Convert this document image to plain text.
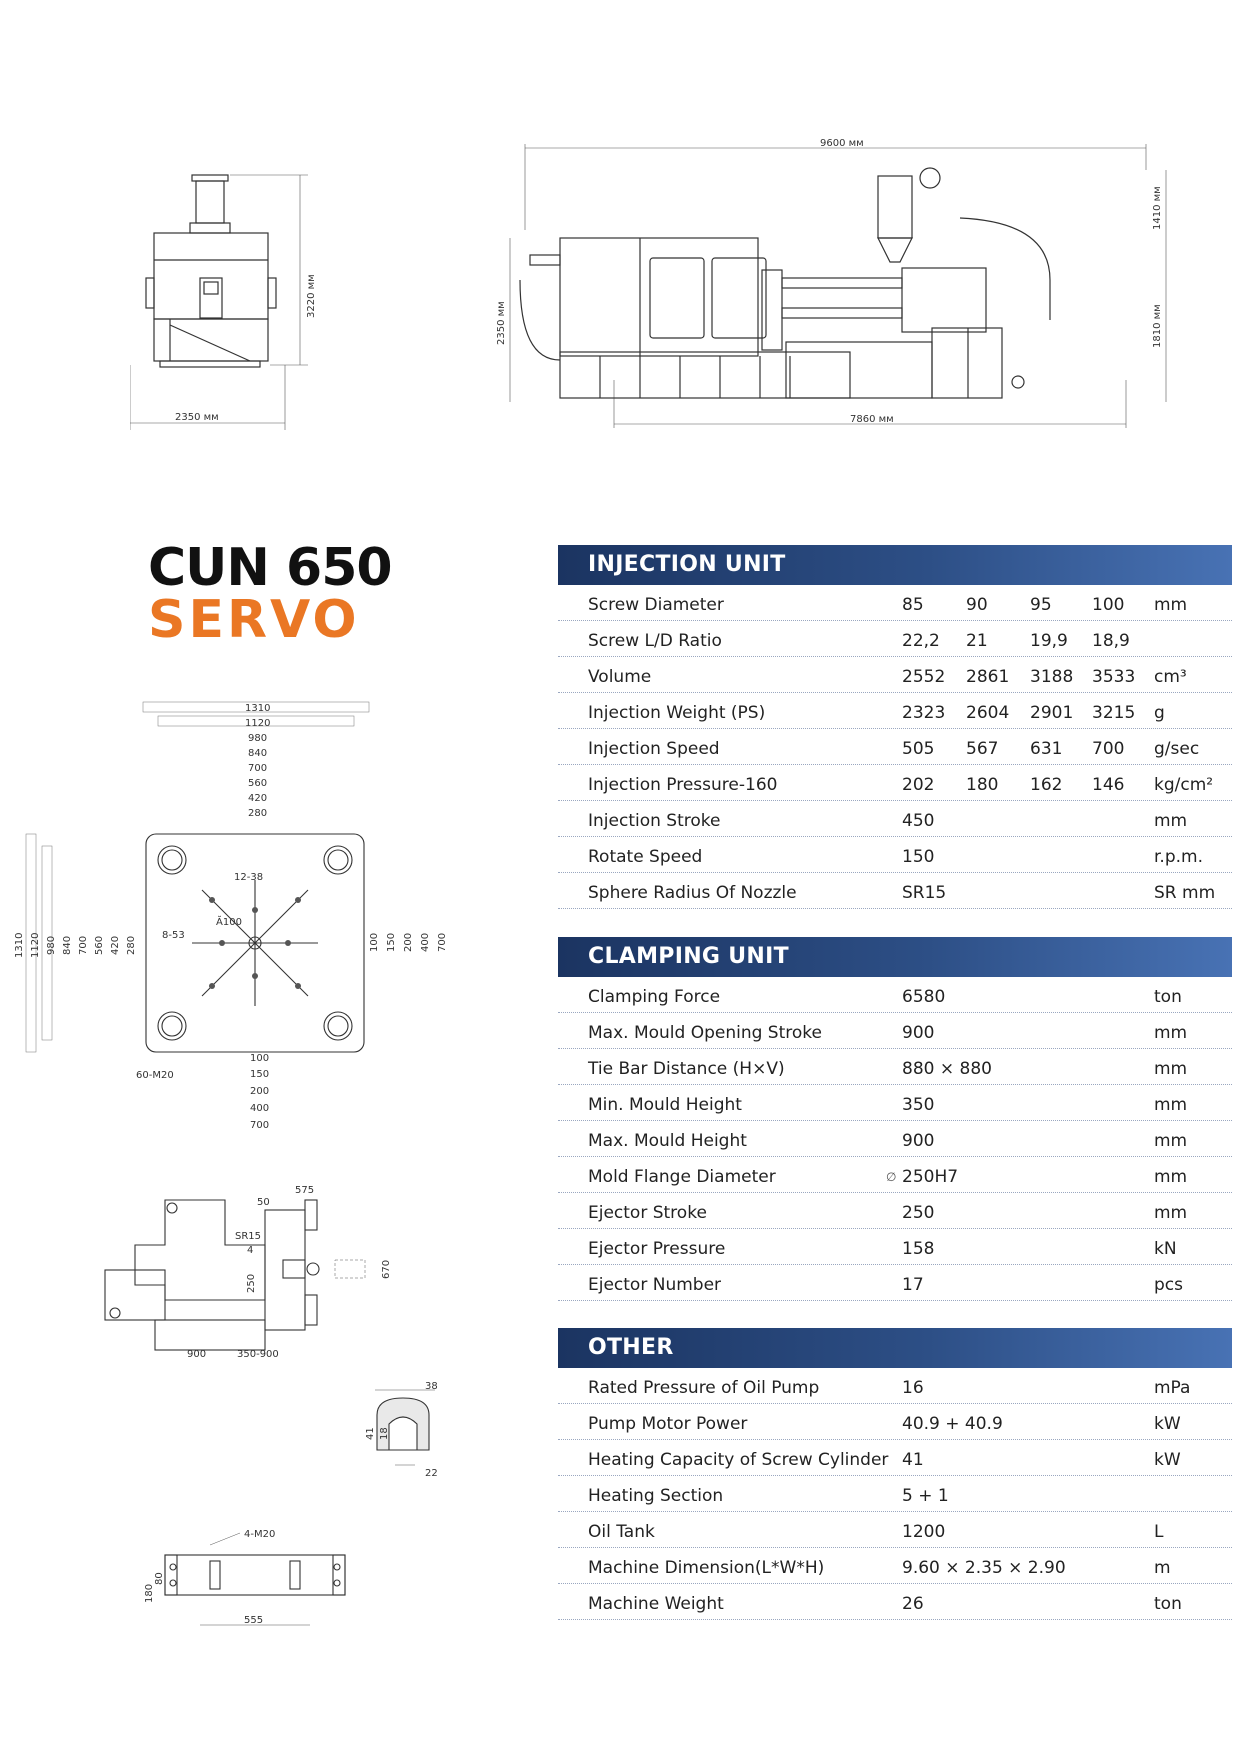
2350 мм
3220 мм
9600 мм
7860 мм
2350 мм
1410 мм
1810 мм
CUN 650
SERVO
1310
1120
980
840
700
560
420
280
1310 1120 980 840 700 560 420 280	100 150 200 400 700
100
150
200
400
700
12-38
8-53
Ă100
60-M20
575
50
SR15
4
250
670
900	350-900
38
41 18
22
4-M20
180
80
555
INJECTION UNIT
Screw Diameter	85 90 95 100 mm
Screw L/D Ratio	22,2 21 19,9 18,9
Volume	2552 2861 3188 3533 cm³
Injection Weight (PS)	2323 2604 2901 3215 g
Injection Speed	505 567 631 700 g/sec
Injection Pressure-160	202 180 162 146 kg/cm²
Injection Stroke	450	mm
Rotate Speed	150	r.p.m.
Sphere Radius Of Nozzle	SR15	SR mm
CLAMPING UNIT
Clamping Force	6580	ton
Max. Mould Opening Stroke	900	mm
Tie Bar Distance (H×V)	880 × 880	mm
Min. Mould Height	350	mm
Max. Mould Height	900	mm
Mold Flange Diameter	∅ 250H7	mm
Ejector Stroke	250	mm
Ejector Pressure	158	kN
Ejector Number	17	pcs
OTHER
Rated Pressure of Oil Pump	16	mPa
Pump Motor Power	40.9 + 40.9	kW
Heating Capacity of Screw Cylinder 41	kW
Heating Section	5 + 1
Oil Tank	1200	L
Machine Dimension(L*W*H)	9.60 × 2.35 × 2.90	m
Machine Weight	26	ton
